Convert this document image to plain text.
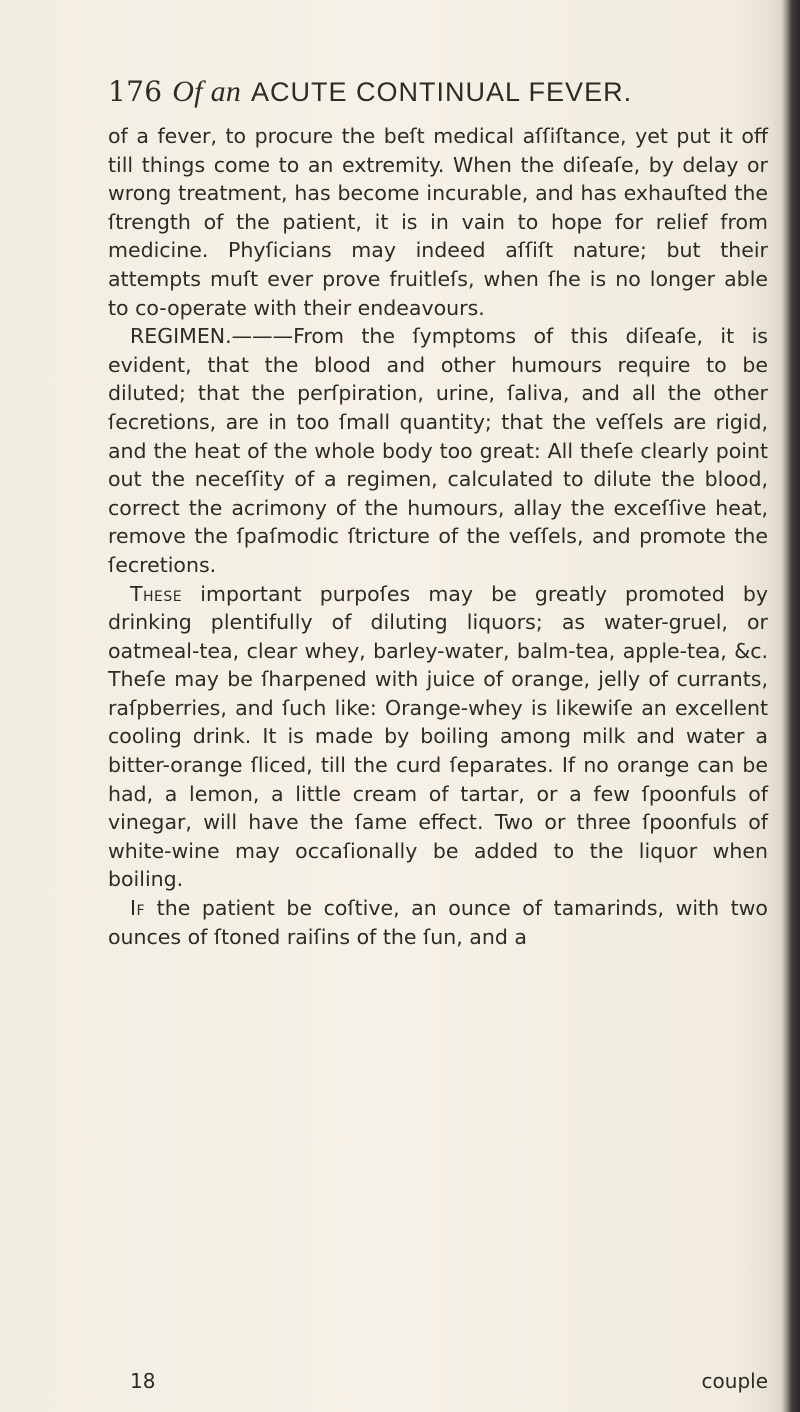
176 Of an ACUTE CONTINUAL FEVER.

of a fever, to procure the beſt medical aſſiſtance, yet put it off till things come to an extremity. When the diſeaſe, by delay or wrong treatment, has become incurable, and has exhauſted the ſtrength of the patient, it is in vain to hope for relief from medicine. Phyſicians may indeed aſſiſt nature; but their attempts muſt ever prove fruitleſs, when ſhe is no longer able to co-operate with their endeavours.

REGIMEN.———From the ſymptoms of this diſeaſe, it is evident, that the blood and other humours require to be diluted; that the perſpiration, urine, ſaliva, and all the other ſecretions, are in too ſmall quantity; that the veſſels are rigid, and the heat of the whole body too great: All theſe clearly point out the neceſſity of a regimen, calculated to dilute the blood, correct the acrimony of the humours, allay the exceſſive heat, remove the ſpaſmodic ſtricture of the veſſels, and promote the ſecretions.

These important purpoſes may be greatly promoted by drinking plentifully of diluting liquors; as water-gruel, or oatmeal-tea, clear whey, barley-water, balm-tea, apple-tea, &c. Theſe may be ſharpened with juice of orange, jelly of currants, raſpberries, and ſuch like: Orange-whey is likewiſe an excellent cooling drink. It is made by boiling among milk and water a bitter-orange ſliced, till the curd ſeparates. If no orange can be had, a lemon, a little cream of tartar, or a few ſpoonfuls of vinegar, will have the ſame effect. Two or three ſpoonfuls of white-wine may occaſionally be added to the liquor when boiling.

If the patient be coſtive, an ounce of tamarinds, with two ounces of ſtoned raiſins of the ſun, and a

18	couple
